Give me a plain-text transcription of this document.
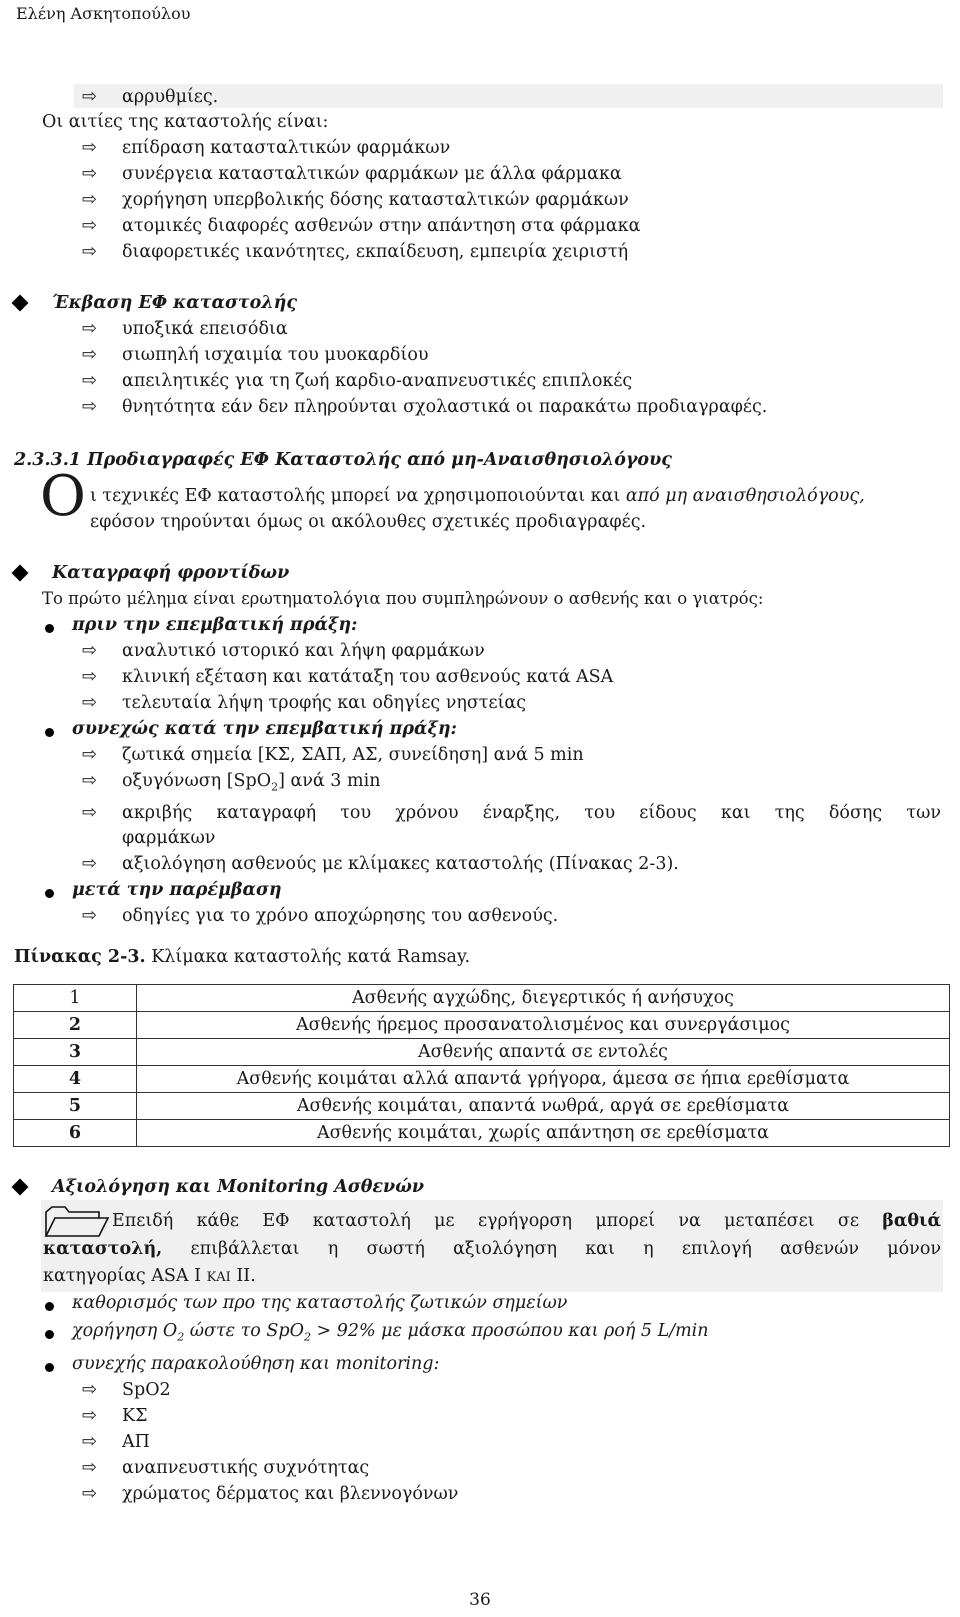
Ελένη Ασκητοπούλου
⇨	αρρυθμίες.
Οι αιτίες της καταστολής είναι:
⇨	επίδραση κατασταλτικών φαρμάκων
⇨	συνέργεια κατασταλτικών φαρμάκων με άλλα φάρμακα
⇨	χορήγηση υπερβολικής δόσης κατασταλτικών φαρμάκων
⇨	ατομικές διαφορές ασθενών στην απάντηση στα φάρμακα
⇨	διαφορετικές ικανότητες, εκπαίδευση, εμπειρία χειριστή
Έκβαση ΕΦ καταστολής
⇨	υποξικά επεισόδια
⇨	σιωπηλή ισχαιμία του μυοκαρδίου
⇨	απειλητικές για τη ζωή καρδιο-αναπνευστικές επιπλοκές
⇨	θνητότητα εάν δεν πληρούνται σχολαστικά οι παρακάτω προδιαγραφές.
2.3.3.1 Προδιαγραφές ΕΦ Καταστολής από μη-Αναισθησιολόγους
Ο ι τεχνικές ΕΦ καταστολής μπορεί να χρησιμοποιούνται και από μη αναισθησιολόγους,
εφόσον τηρούνται όμως οι ακόλουθες σχετικές προδιαγραφές.
Καταγραφή φροντίδων
Το πρώτο μέλημα είναι ερωτηματολόγια που συμπληρώνουν ο ασθενής και ο γιατρός:
πριν την επεμβατική πράξη:
⇨	αναλυτικό ιστορικό και λήψη φαρμάκων
⇨	κλινική εξέταση και κατάταξη του ασθενούς κατά ASA
⇨	τελευταία λήψη τροφής και οδηγίες νηστείας
συνεχώς κατά την επεμβατική πράξη:
⇨	ζωτικά σημεία [ΚΣ, ΣΑΠ, ΑΣ, συνείδηση] ανά 5 min
⇨	οξυγόνωση [SpO$_2$] ανά 3 min
⇨	ακριβής καταγραφή του χρόνου έναρξης, του είδους και της δόσης των
φαρμάκων
⇨	αξιολόγηση ασθενούς με κλίμακες καταστολής (Πίνακας 2-3).
μετά την παρέμβαση
⇨	οδηγίες για το χρόνο αποχώρησης του ασθενούς.
Πίνακας 2-3. Κλίμακα καταστολής κατά Ramsay.
1	Ασθενής αγχώδης, διεγερτικός ή ανήσυχος
2	Ασθενής ήρεμος προσανατολισμένος και συνεργάσιμος
3	Ασθενής απαντά σε εντολές
4	Ασθενής κοιμάται αλλά απαντά γρήγορα, άμεσα σε ήπια ερεθίσματα
5	Ασθενής κοιμάται, απαντά νωθρά, αργά σε ερεθίσματα
6	Ασθενής κοιμάται, χωρίς απάντηση σε ερεθίσματα
Αξιολόγηση και Monitoring Ασθενών
Επειδή κάθε ΕΦ καταστολή με εγρήγορση μπορεί να μεταπέσει σε βαθιά
καταστολή, επιβάλλεται η σωστή αξιολόγηση και η επιλογή ασθενών μόνον
κατηγορίας ASA I ΚΑΙ II.
καθορισμός των προ της καταστολής ζωτικών σημείων
χορήγηση $O_2$ ώστε το SpO$_2$ > 92% με μάσκα προσώπου και ροή 5 L/min
συνεχής παρακολούθηση και monitoring:
⇨	SpO2
⇨	ΚΣ
⇨	ΑΠ
⇨	αναπνευστικής συχνότητας
⇨	χρώματος δέρματος και βλεννογόνων
36
